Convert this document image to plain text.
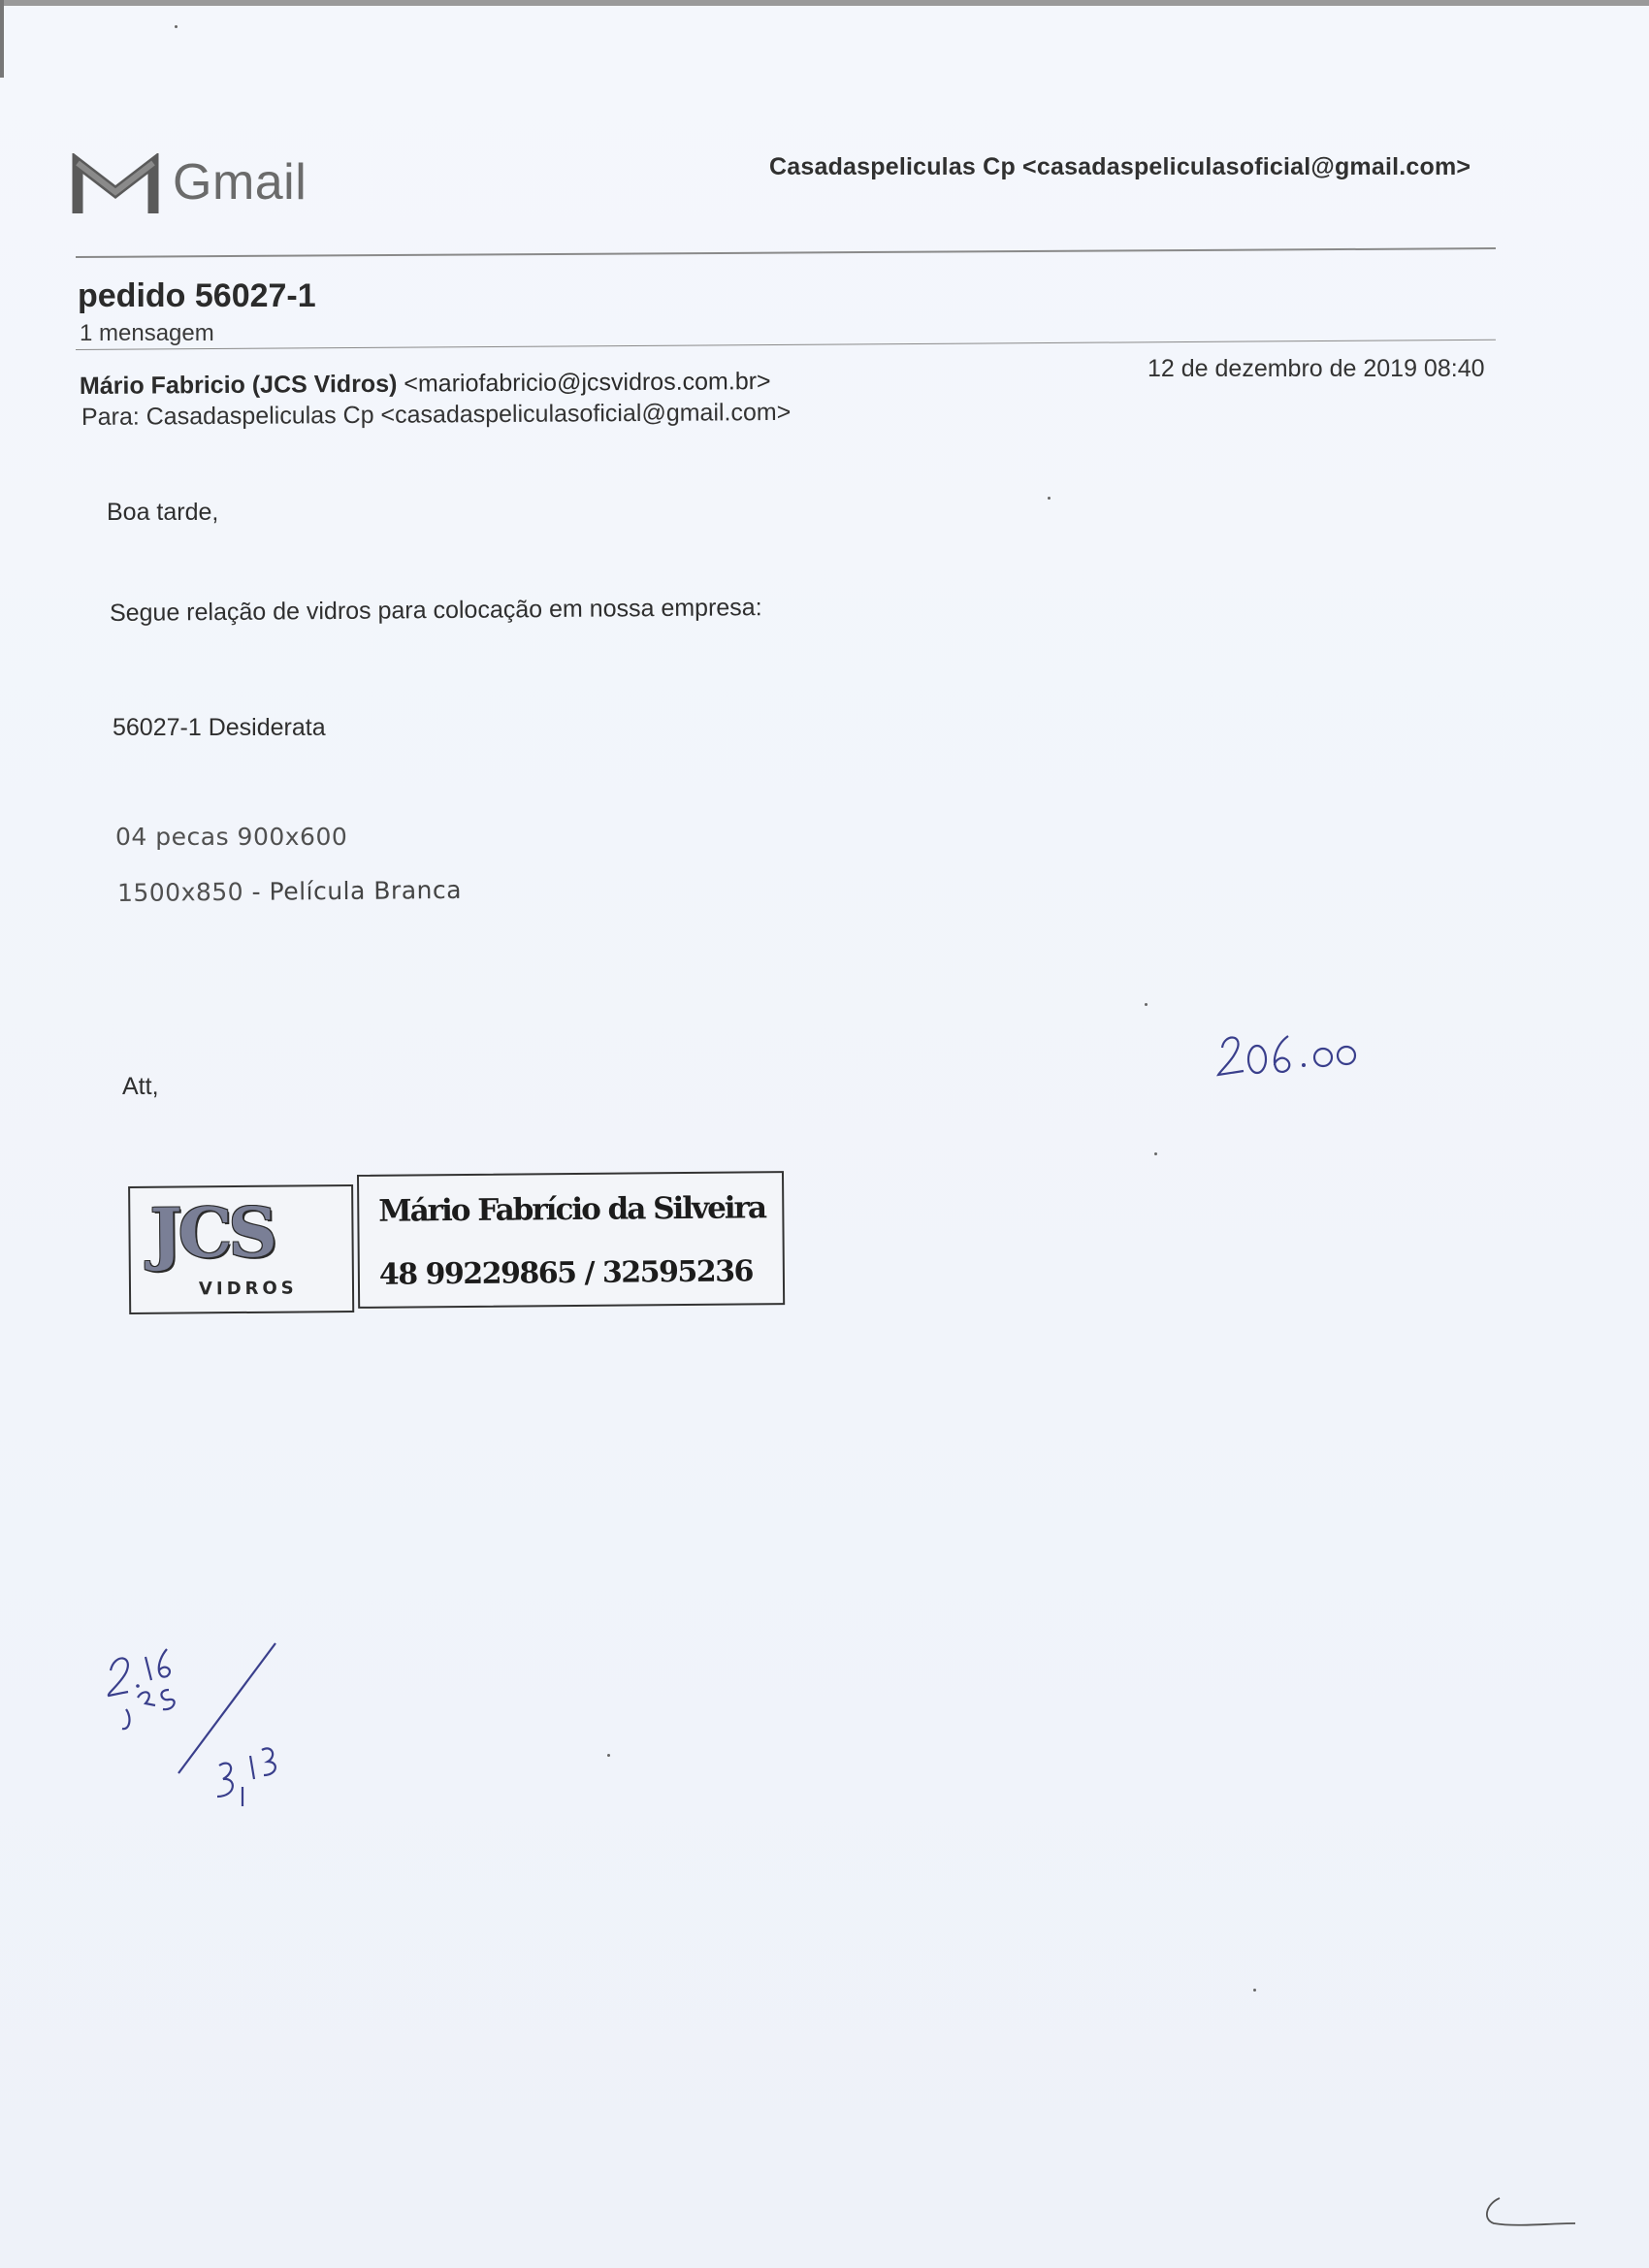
Gmail	Casadaspeliculas Cp <casadaspeliculasoficial@gmail.com>
pedido 56027-1
1 mensagem
Mário Fabricio (JCS Vidros) <mariofabricio@jcsvidros.com.br>
Para: Casadaspeliculas Cp <casadaspeliculasoficial@gmail.com>
12 de dezembro de 2019 08:40
Boa tarde,
Segue relação de vidros para colocação em nossa empresa:
56027-1 Desiderata
04 pecas 900x600
1500x850 - Película Branca
Att,
JCS
VIDROS
Mário Fabrício da Silveira
48 99229865 / 32595236
